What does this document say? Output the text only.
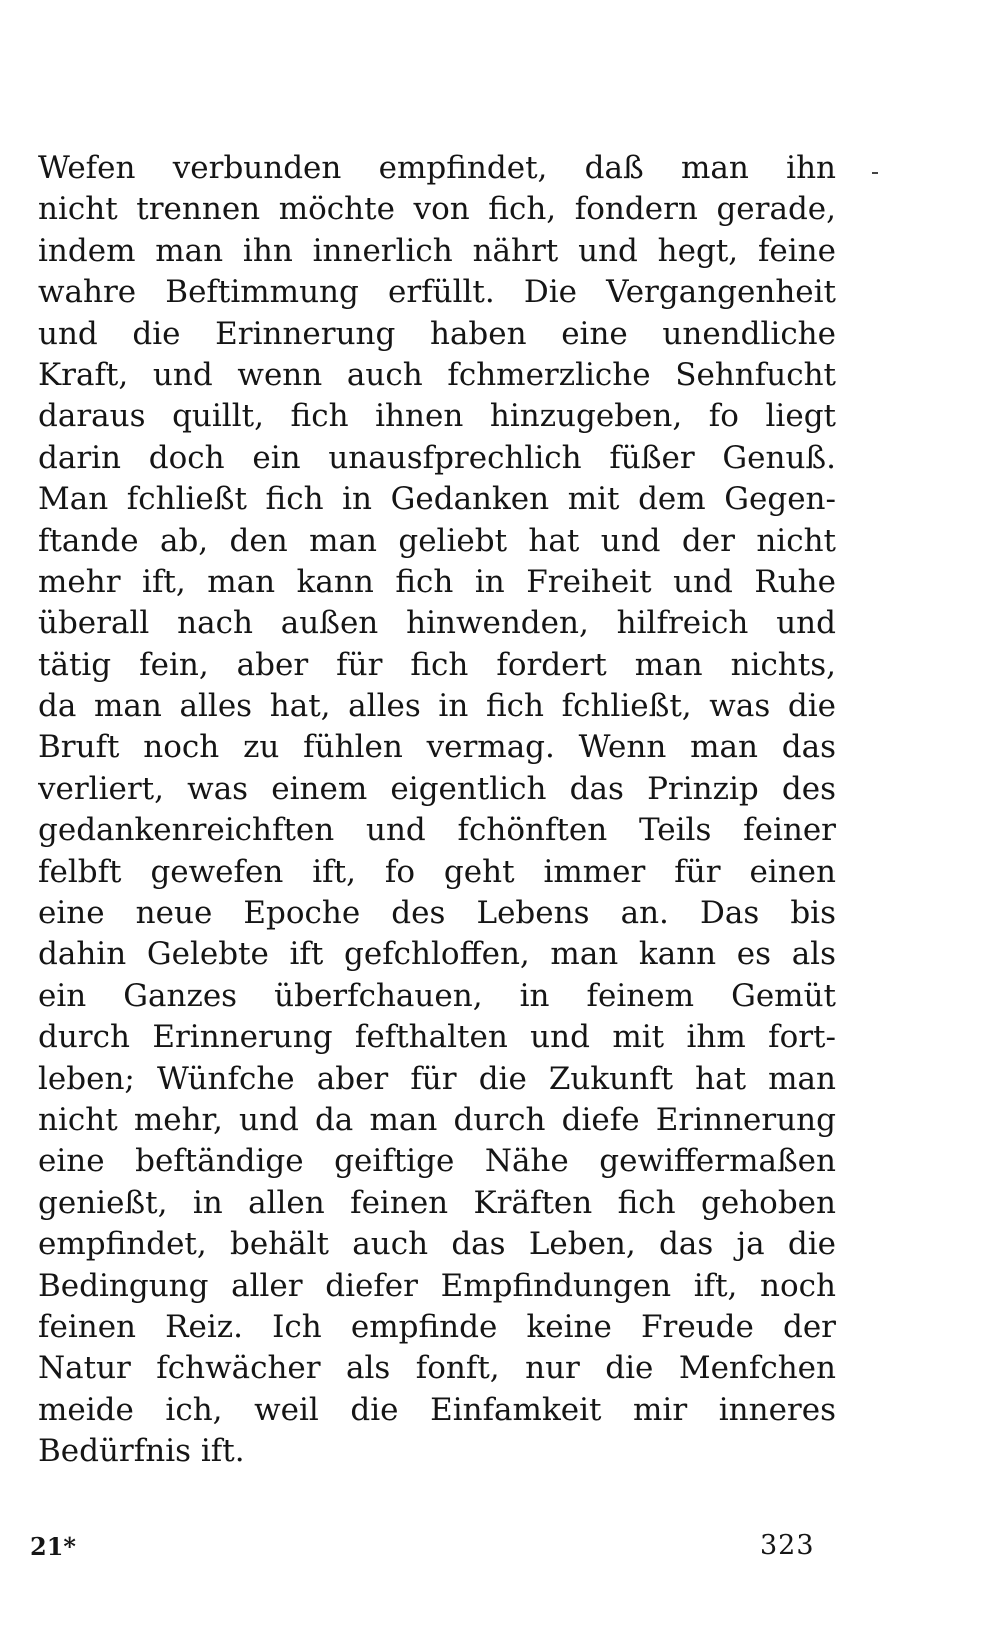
Wefen verbunden empfindet, daß man ihn
nicht trennen möchte von fich, fondern gerade,
indem man ihn innerlich nährt und hegt, feine
wahre Beftimmung erfüllt. Die Vergangenheit
und die Erinnerung haben eine unendliche
Kraft, und wenn auch fchmerzliche Sehnfucht
daraus quillt, fich ihnen hinzugeben, fo liegt
darin doch ein unausfprechlich füßer Genuß.
Man fchließt fich in Gedanken mit dem Gegen-
ftande ab, den man geliebt hat und der nicht
mehr ift, man kann fich in Freiheit und Ruhe
überall nach außen hinwenden, hilfreich und
tätig fein, aber für fich fordert man nichts,
da man alles hat, alles in fich fchließt, was die
Bruft noch zu fühlen vermag. Wenn man das
verliert, was einem eigentlich das Prinzip des
gedankenreichften und fchönften Teils feiner
felbft gewefen ift, fo geht immer für einen
eine neue Epoche des Lebens an. Das bis
dahin Gelebte ift gefchloffen, man kann es als
ein Ganzes überfchauen, in feinem Gemüt
durch Erinnerung fefthalten und mit ihm fort-
leben; Wünfche aber für die Zukunft hat man
nicht mehr, und da man durch diefe Erinnerung
eine beftändige geiftige Nähe gewiffermaßen
genießt, in allen feinen Kräften fich gehoben
empfindet, behält auch das Leben, das ja die
Bedingung aller diefer Empfindungen ift, noch
feinen Reiz. Ich empfinde keine Freude der
Natur fchwächer als fonft, nur die Menfchen
meide ich, weil die Einfamkeit mir inneres
Bedürfnis ift.
21*	323
